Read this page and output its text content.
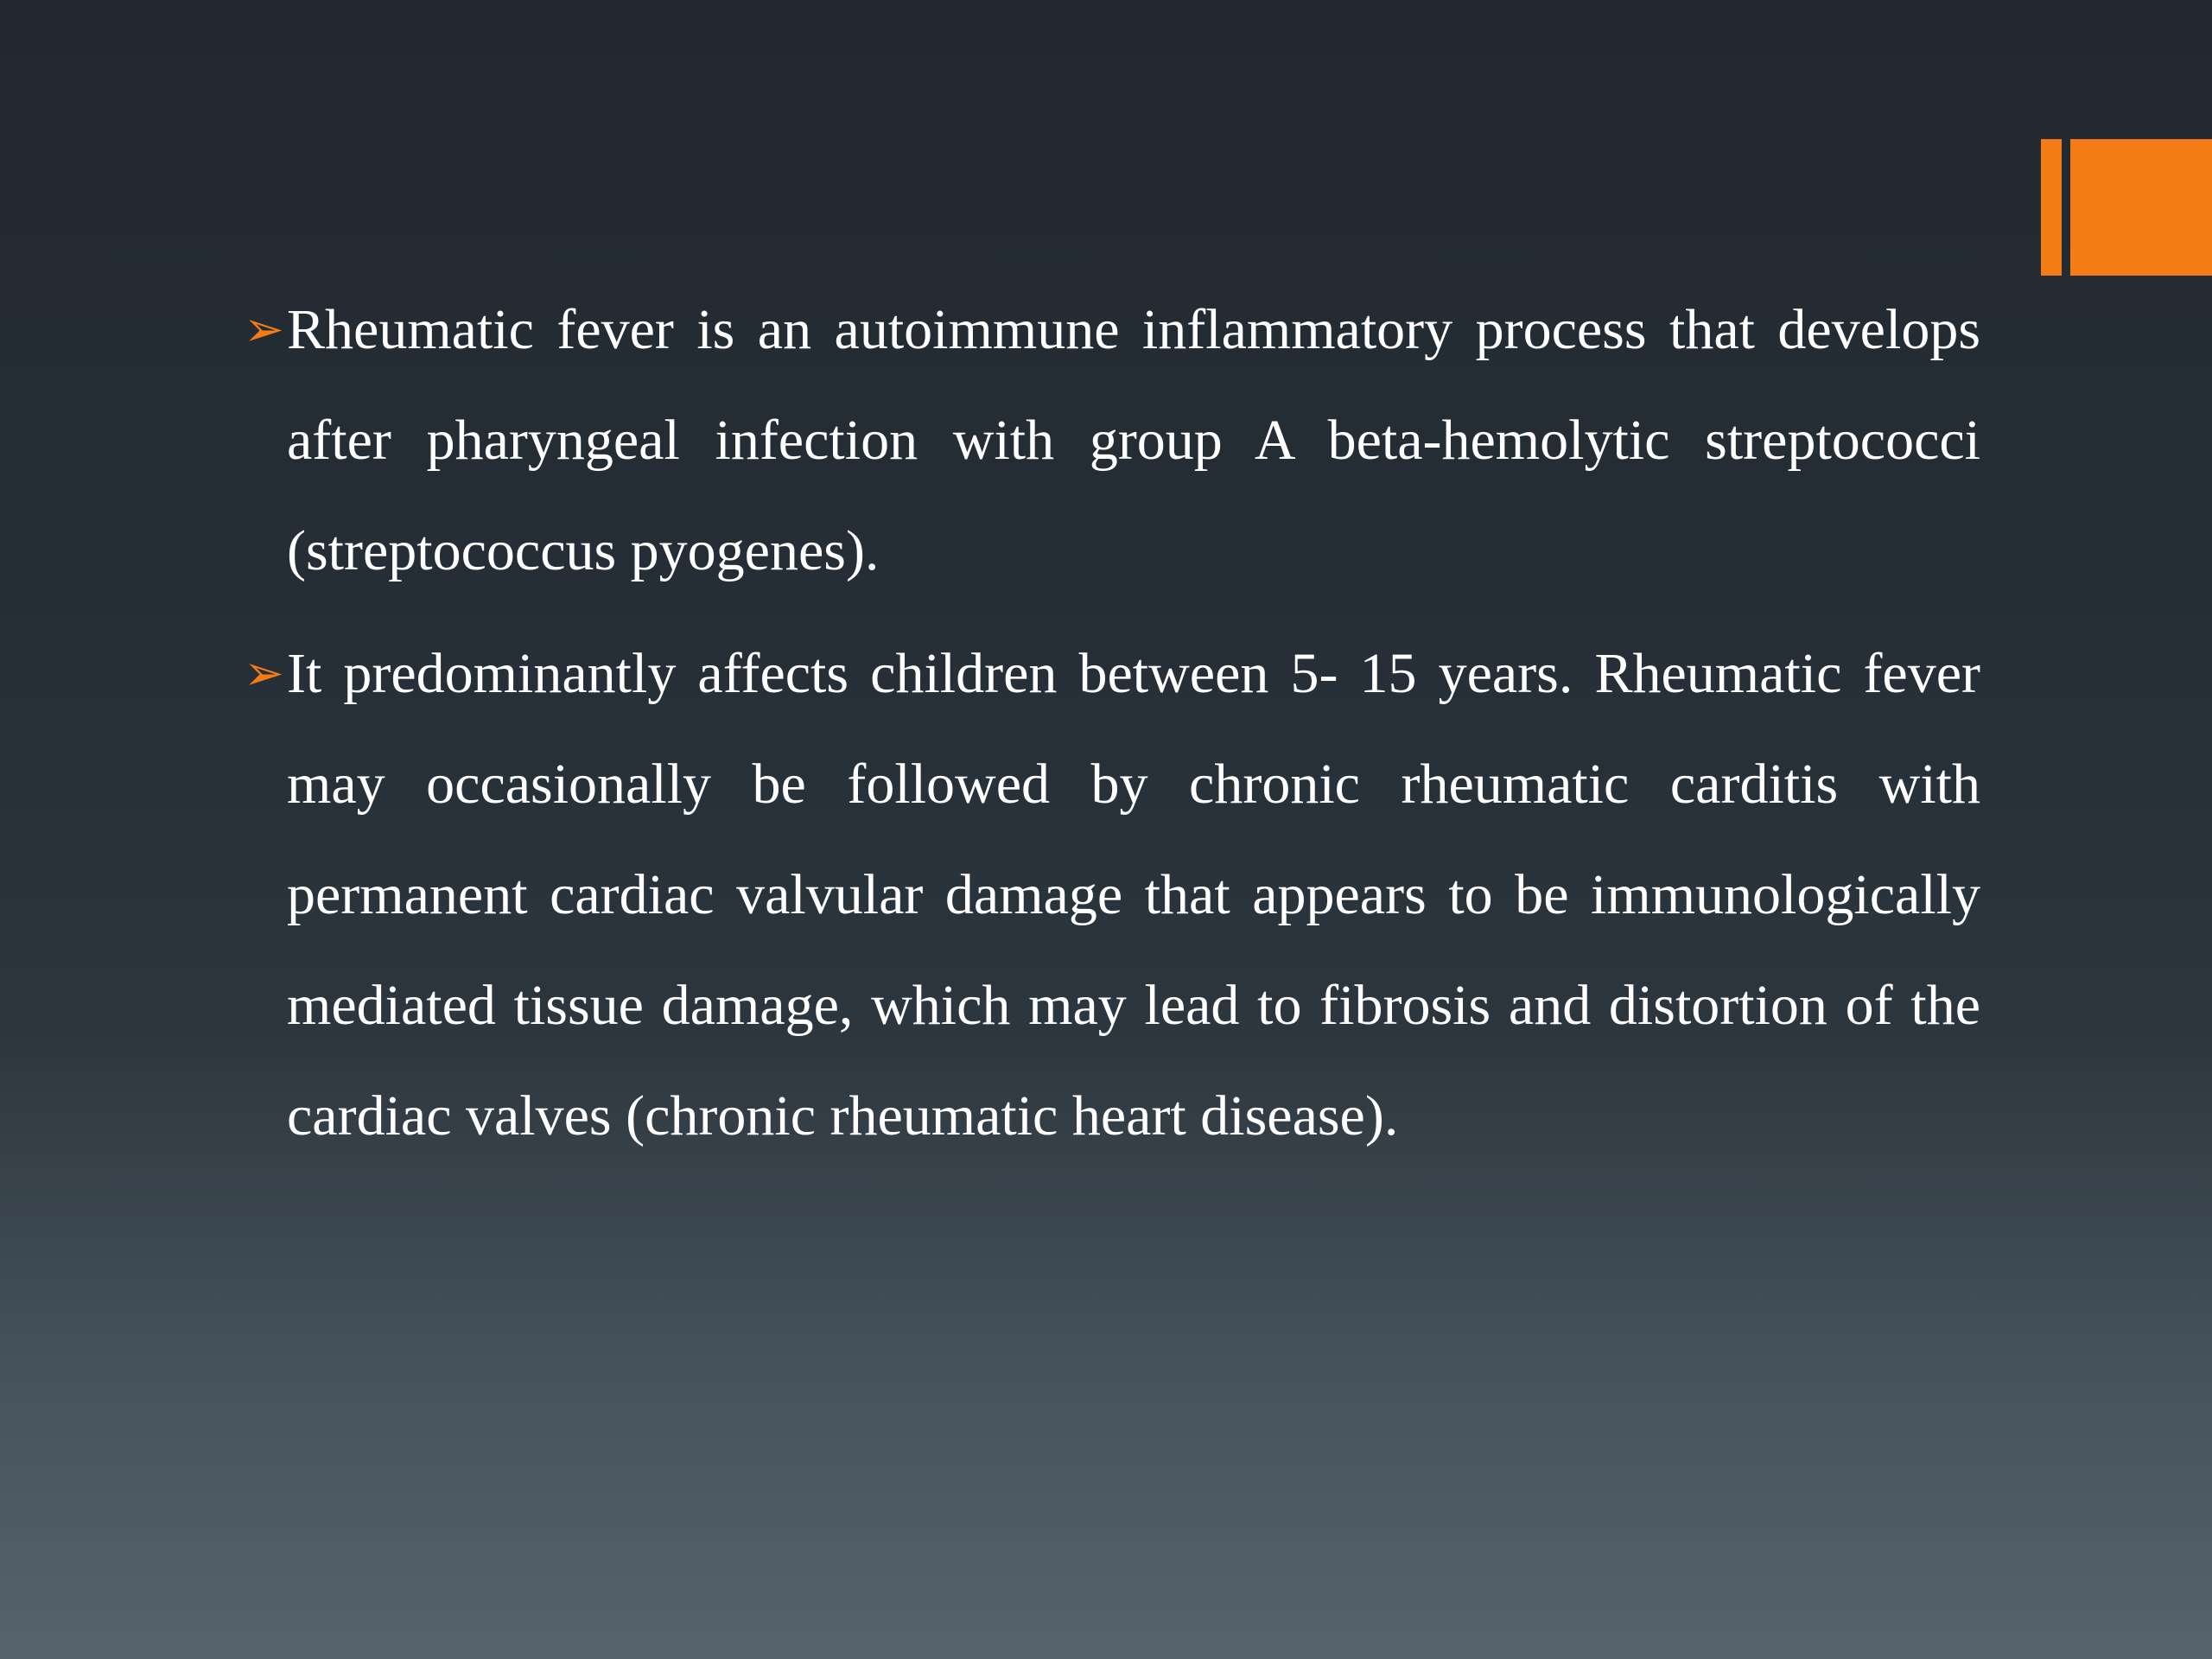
➢ Rheumatic fever is an autoimmune inflammatory process that develops after pharyngeal infection with group A beta-hemolytic streptococci (streptococcus pyogenes).

➢ It predominantly affects children between 5- 15 years. Rheumatic fever may occasionally be followed by chronic rheumatic carditis with permanent cardiac valvular damage that appears to be immunologically mediated tissue damage, which may lead to fibrosis and distortion of the cardiac valves (chronic rheumatic heart disease).
